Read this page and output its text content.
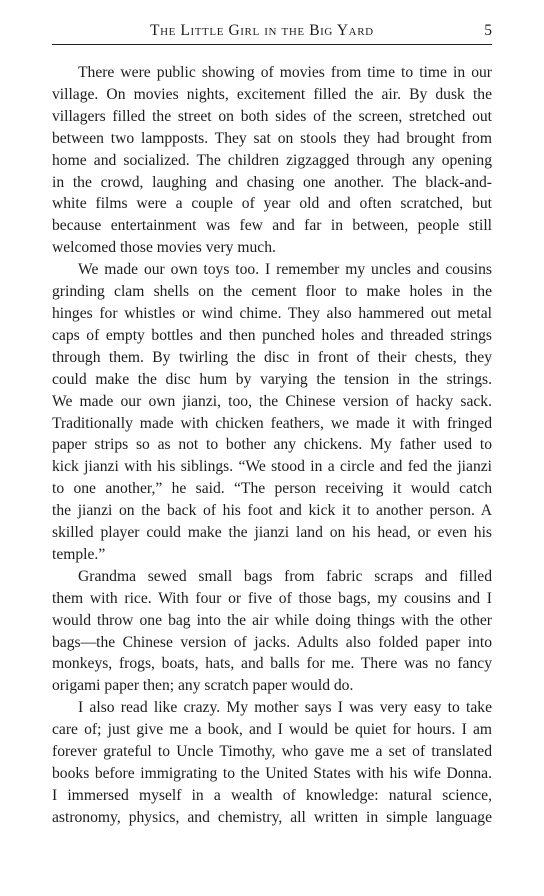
The Little Girl in the Big Yard	5
There were public showing of movies from time to time in our
village. On movies nights, excitement filled the air. By dusk the
villagers filled the street on both sides of the screen, stretched out
between two lampposts. They sat on stools they had brought from
home and socialized. The children zigzagged through any opening
in the crowd, laughing and chasing one another. The black-and-
white films were a couple of year old and often scratched, but
because entertainment was few and far in between, people still
welcomed those movies very much.
We made our own toys too. I remember my uncles and cousins
grinding clam shells on the cement floor to make holes in the
hinges for whistles or wind chime. They also hammered out metal
caps of empty bottles and then punched holes and threaded strings
through them. By twirling the disc in front of their chests, they
could make the disc hum by varying the tension in the strings.
We made our own jianzi, too, the Chinese version of hacky sack.
Traditionally made with chicken feathers, we made it with fringed
paper strips so as not to bother any chickens. My father used to
kick jianzi with his siblings. “We stood in a circle and fed the jianzi
to one another,” he said. “The person receiving it would catch
the jianzi on the back of his foot and kick it to another person. A
skilled player could make the jianzi land on his head, or even his
temple.”
Grandma sewed small bags from fabric scraps and filled
them with rice. With four or five of those bags, my cousins and I
would throw one bag into the air while doing things with the other
bags—the Chinese version of jacks. Adults also folded paper into
monkeys, frogs, boats, hats, and balls for me. There was no fancy
origami paper then; any scratch paper would do.
I also read like crazy. My mother says I was very easy to take
care of; just give me a book, and I would be quiet for hours. I am
forever grateful to Uncle Timothy, who gave me a set of translated
books before immigrating to the United States with his wife Donna.
I immersed myself in a wealth of knowledge: natural science,
astronomy, physics, and chemistry, all written in simple language
